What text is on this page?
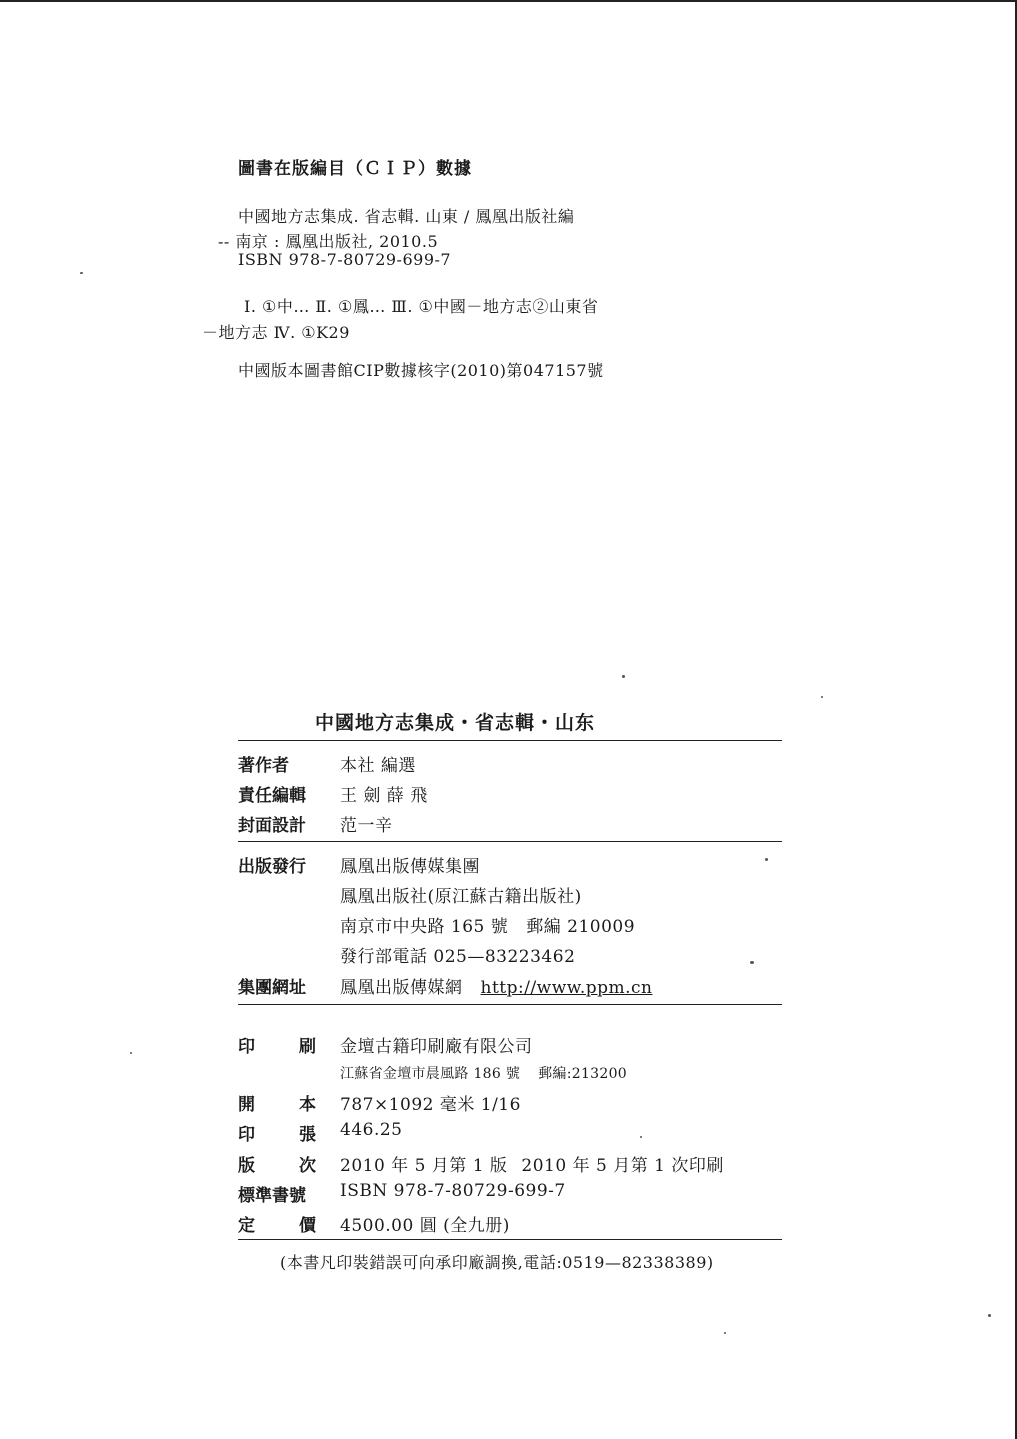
圖書在版編目（ＣＩＰ）數據
中國地方志集成. 省志輯. 山東 / 鳳凰出版社編
-- 南京 : 鳳凰出版社, 2010.5
ISBN 978-7-80729-699-7
Ⅰ. ①中… Ⅱ. ①鳳… Ⅲ. ①中國－地方志②山東省
－地方志 Ⅳ. ①K29
中國版本圖書館CIP數據核字(2010)第047157號
中國地方志集成・省志輯・山东
著作者	本社 編選
責任編輯 王 劍 薛 飛
封面設計 范一辛
出版發行 鳳凰出版傳媒集團
鳳凰出版社(原江蘇古籍出版社)
南京市中央路 165 號 郵編 210009
發行部電話 025—83223462
集團網址 鳳凰出版傳媒網 http://www.ppm.cn
印	刷 金壇古籍印刷廠有限公司
江蘇省金壇市晨風路 186 號 郵編:213200
開	本 787×1092 毫米 1/16
印	張 446.25
版	次 2010 年 5 月第 1 版 2010 年 5 月第 1 次印刷
標準書號 ISBN 978-7-80729-699-7
定	價 4500.00 圓 (全九册)
(本書凡印裝錯誤可向承印廠調換,電話:0519—82338389)
